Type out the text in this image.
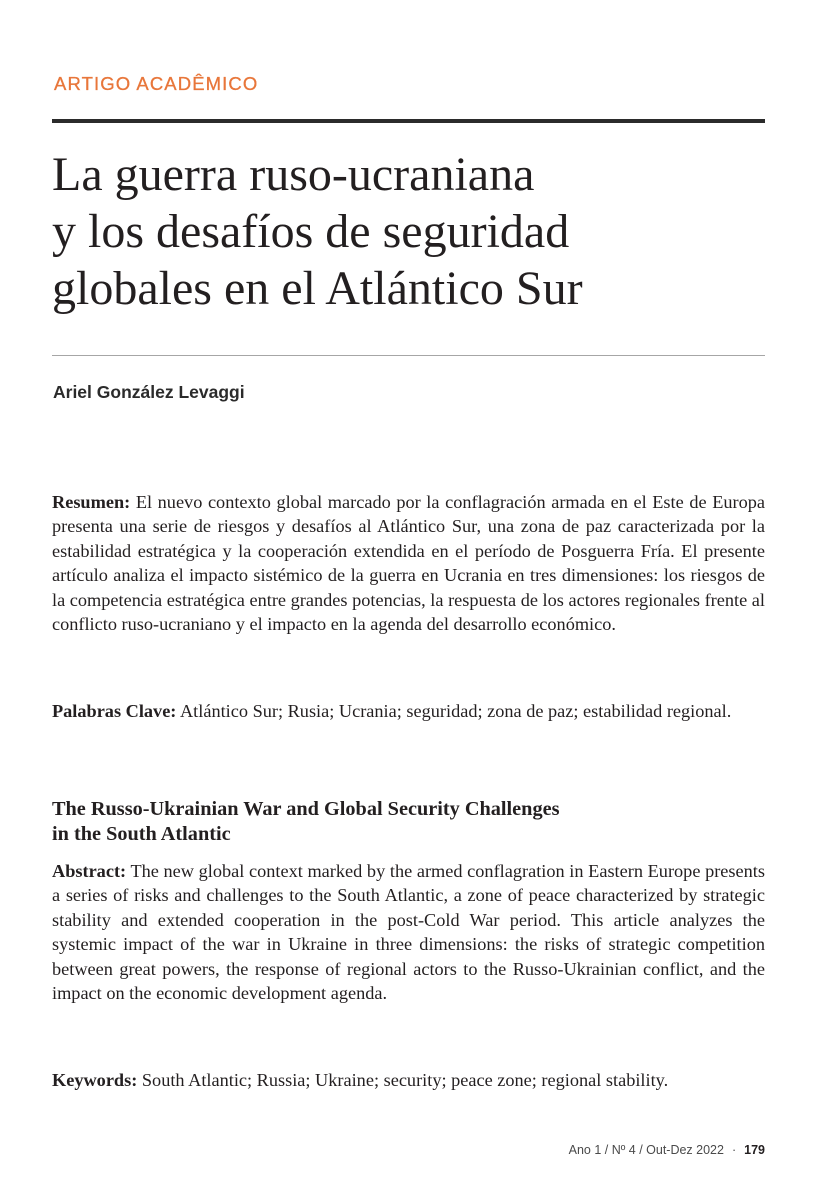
ARTIGO ACADÊMICO
La guerra ruso-ucraniana
y los desafíos de seguridad
globales en el Atlántico Sur
Ariel González Levaggi

Resumen: El nuevo contexto global marcado por la conflagración armada en el Este de Europa presenta una serie de riesgos y desafíos al Atlántico Sur, una zona de paz caracterizada por la estabilidad estratégica y la cooperación extendida en el período de Posguerra Fría. El presente artículo analiza el impacto sistémico de la guerra en Ucrania en tres dimensiones: los riesgos de la competencia estratégica entre grandes potencias, la respuesta de los actores regionales frente al conflicto ruso-ucraniano y el impacto en la agenda del desarrollo económico.

Palabras Clave: Atlántico Sur; Rusia; Ucrania; seguridad; zona de paz; estabilidad regional.

The Russo-Ukrainian War and Global Security Challenges
in the South Atlantic

Abstract: The new global context marked by the armed conflagration in Eastern Europe presents a series of risks and challenges to the South Atlantic, a zone of peace characterized by strategic stability and extended cooperation in the post-Cold War period. This article analyzes the systemic impact of the war in Ukraine in three dimensions: the risks of strategic competition between great powers, the response of regional actors to the Russo-Ukrainian conflict, and the impact on the economic development agenda.

Keywords: South Atlantic; Russia; Ukraine; security; peace zone; regional stability.

Ano 1 / Nº 4 / Out-Dez 2022 · 179
